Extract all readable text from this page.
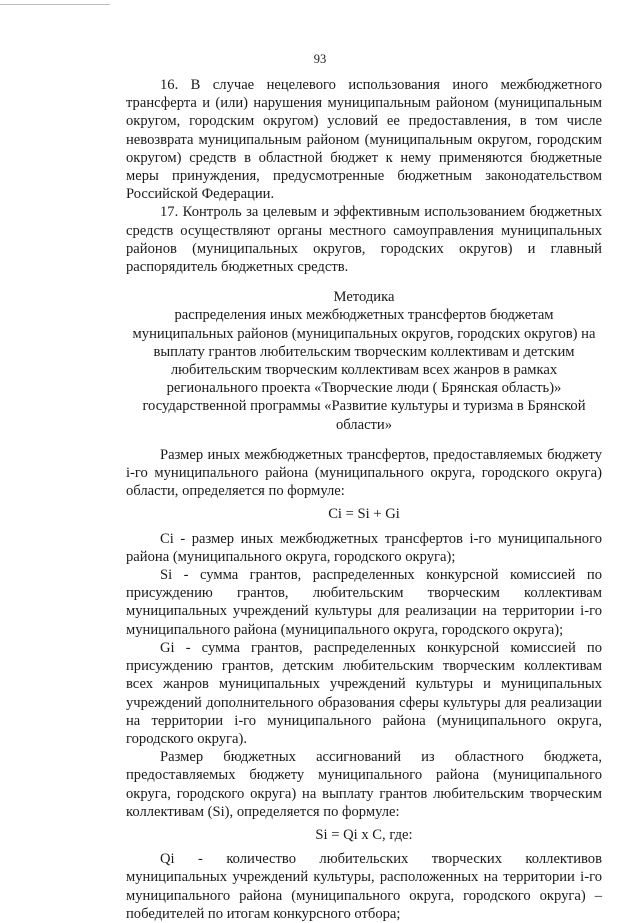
93

16. В случае нецелевого использования иного межбюджетного трансферта и (или) нарушения муниципальным районом (муниципальным округом, городским округом) условий ее предоставления, в том числе невозврата муниципальным районом (муниципальным округом, городским округом) средств в областной бюджет к нему применяются бюджетные меры принуждения, предусмотренные бюджетным законодательством Российской Федерации.

17. Контроль за целевым и эффективным использованием бюджетных средств осуществляют органы местного самоуправления муниципальных районов (муниципальных округов, городских округов) и главный распорядитель бюджетных средств.

Методика

распределения иных межбюджетных трансфертов бюджетам муниципальных районов (муниципальных округов, городских округов) на выплату грантов любительским творческим коллективам и детским любительским творческим коллективам всех жанров в рамках регионального проекта «Творческие люди ( Брянская область)» государственной программы «Развитие культуры и туризма в Брянской области»

Размер иных межбюджетных трансфертов, предоставляемых бюджету i-го муниципального района (муниципального округа, городского округа) области, определяется по формуле:

Ci = Si + Gi

Ci - размер иных межбюджетных трансфертов i-го муниципального района (муниципального округа, городского округа);

Si - сумма грантов, распределенных конкурсной комиссией по присуждению грантов, любительским творческим коллективам муниципальных учреждений культуры для реализации на территории i-го муниципального района (муниципального округа, городского округа);

Gi - сумма грантов, распределенных конкурсной комиссией по присуждению грантов, детским любительским творческим коллективам всех жанров муниципальных учреждений культуры и муниципальных учреждений дополнительного образования сферы культуры для реализации на территории i-го муниципального района (муниципального округа, городского округа).

Размер бюджетных ассигнований из областного бюджета, предоставляемых бюджету муниципального района (муниципального округа, городского округа) на выплату грантов любительским творческим коллективам (Si), определяется по формуле:

Si = Qi x C, где:

Qi - количество любительских творческих коллективов муниципальных учреждений культуры, расположенных на территории i-го муниципального района (муниципального округа, городского округа) – победителей по итогам конкурсного отбора;
